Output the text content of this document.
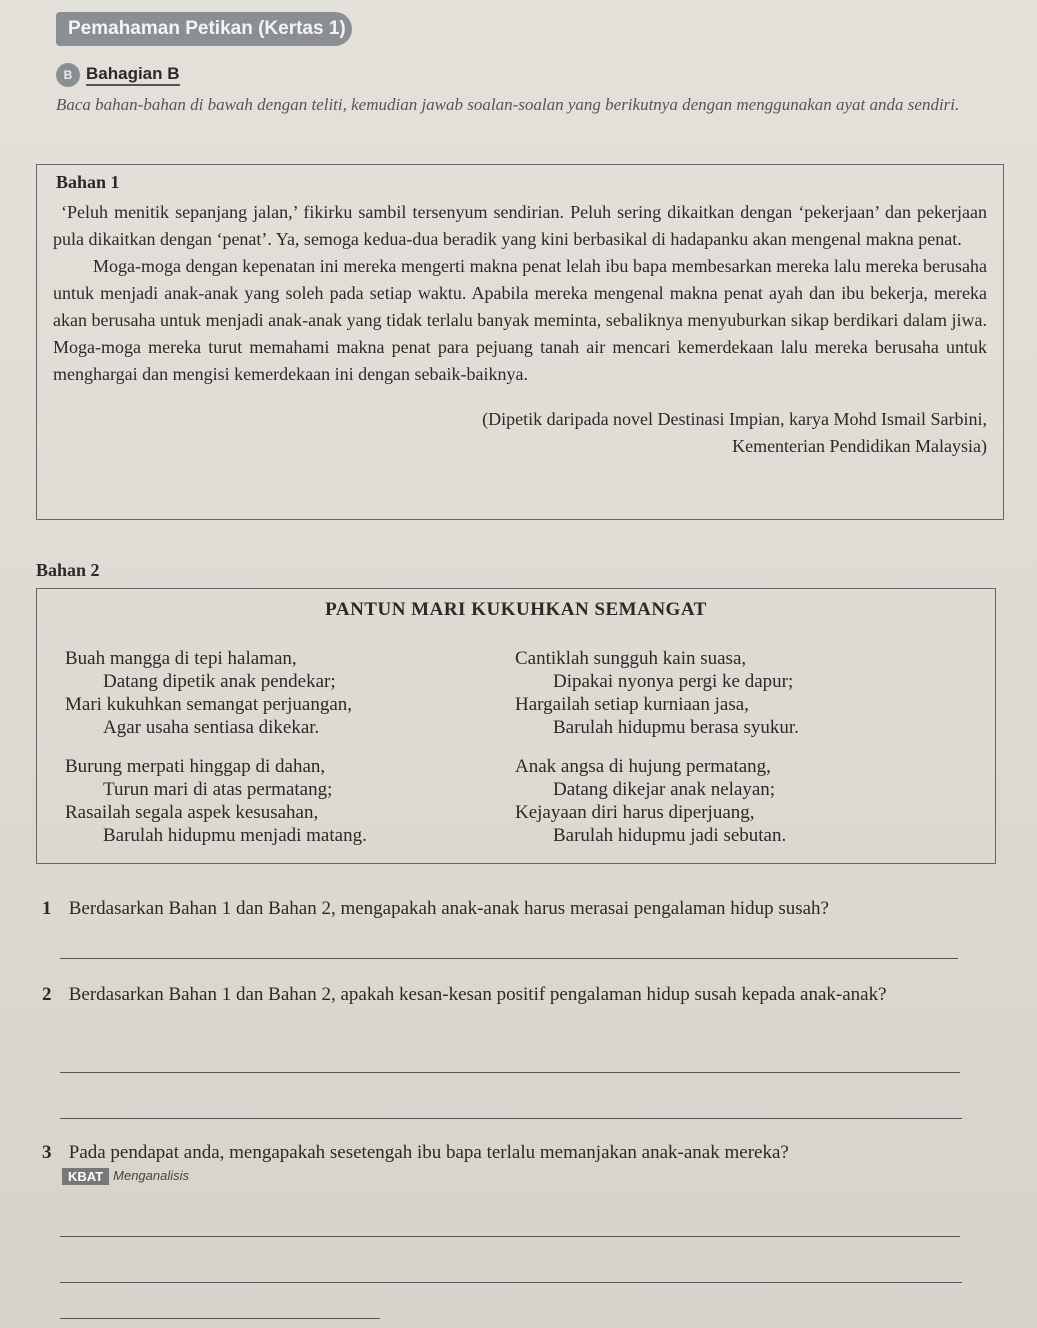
Pemahaman Petikan (Kertas 1)
B Bahagian B
Baca bahan-bahan di bawah dengan teliti, kemudian jawab soalan-soalan yang berikutnya dengan menggunakan ayat anda sendiri.
Bahan 1

‘Peluh menitik sepanjang jalan,’ fikirku sambil tersenyum sendirian. Peluh sering dikaitkan dengan ‘pekerjaan’ dan pekerjaan pula dikaitkan dengan ‘penat’. Ya, semoga kedua-dua beradik yang kini berbasikal di hadapanku akan mengenal makna penat.

Moga-moga dengan kepenatan ini mereka mengerti makna penat lelah ibu bapa membesarkan mereka lalu mereka berusaha untuk menjadi anak-anak yang soleh pada setiap waktu. Apabila mereka mengenal makna penat ayah dan ibu bekerja, mereka akan berusaha untuk menjadi anak-anak yang tidak terlalu banyak meminta, sebaliknya menyuburkan sikap berdikari dalam jiwa. Moga-moga mereka turut memahami makna penat para pejuang tanah air mencari kemerdekaan lalu mereka berusaha untuk menghargai dan mengisi kemerdekaan ini dengan sebaik-baiknya.

(Dipetik daripada novel Destinasi Impian, karya Mohd Ismail Sarbini,
Kementerian Pendidikan Malaysia)
Bahan 2
PANTUN MARI KUKUHKAN SEMANGAT
Buah mangga di tepi halaman,
Datang dipetik anak pendekar;
Mari kukuhkan semangat perjuangan,
Agar usaha sentiasa dikekar.
Cantiklah sungguh kain suasa,
Dipakai nyonya pergi ke dapur;
Hargailah setiap kurniaan jasa,
Barulah hidupmu berasa syukur.
Burung merpati hinggap di dahan,
Turun mari di atas permatang;
Rasailah segala aspek kesusahan,
Barulah hidupmu menjadi matang.
Anak angsa di hujung permatang,
Datang dikejar anak nelayan;
Kejayaan diri harus diperjuang,
Barulah hidupmu jadi sebutan.
1 Berdasarkan Bahan 1 dan Bahan 2, mengapakah anak-anak harus merasai pengalaman hidup susah?
2 Berdasarkan Bahan 1 dan Bahan 2, apakah kesan-kesan positif pengalaman hidup susah kepada anak-anak?
3 Pada pendapat anda, mengapakah sesetengah ibu bapa terlalu memanjakan anak-anak mereka?
KBAT Menganalisis
